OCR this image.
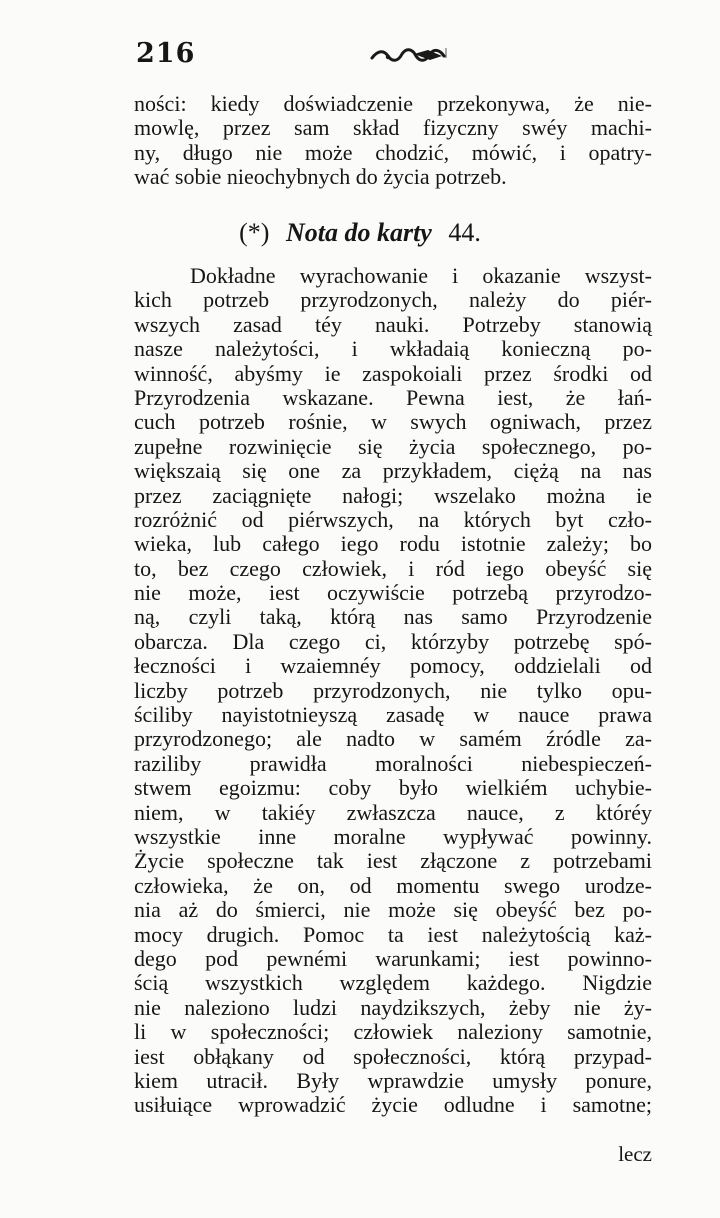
216
ności: kiedy doświadczenie przekonywa, że nie-
mowlę, przez sam skład fizyczny swéy machi-
ny, długo nie może chodzić, mówić, i opatry-
wać sobie nieochybnych do życia potrzeb.
(*) Nota do karty 44.
Dokładne wyrachowanie i okazanie wszyst-
kich potrzeb przyrodzonych, należy do piér-
wszych zasad téy nauki. Potrzeby stanowią
nasze należytości, i wkładaią konieczną po-
winność, abyśmy ie zaspokoiali przez środki od
Przyrodzenia wskazane. Pewna iest, że łań-
cuch potrzeb rośnie, w swych ogniwach, przez
zupełne rozwinięcie się życia społecznego, po-
większaią się one za przykładem, ciężą na nas
przez zaciągnięte nałogi; wszelako można ie
rozróżnić od piérwszych, na których byt czło-
wieka, lub całego iego rodu istotnie zależy; bo
to, bez czego człowiek, i ród iego obeyść się
nie może, iest oczywiście potrzebą przyrodzo-
ną, czyli taką, którą nas samo Przyrodzenie
obarcza. Dla czego ci, którzyby potrzebę spó-
łeczności i wzaiemnéy pomocy, oddzielali od
liczby potrzeb przyrodzonych, nie tylko opu-
ściliby nayistotnieyszą zasadę w nauce prawa
przyrodzonego; ale nadto w samém źródle za-
raziliby prawidła moralności niebespieczeń-
stwem egoizmu: coby było wielkiém uchybie-
niem, w takiéy zwłaszcza nauce, z któréy
wszystkie inne moralne wypływać powinny.
Życie społeczne tak iest złączone z potrzebami
człowieka, że on, od momentu swego urodze-
nia aż do śmierci, nie może się obeyść bez po-
mocy drugich. Pomoc ta iest należytością każ-
dego pod pewnémi warunkami; iest powinno-
ścią wszystkich względem każdego. Nigdzie
nie naleziono ludzi naydzikszych, żeby nie ży-
li w społeczności; człowiek naleziony samotnie,
iest obłąkany od społeczności, którą przypad-
kiem utracił. Były wprawdzie umysły ponure,
usiłuiące wprowadzić życie odludne i samotne;
lecz
